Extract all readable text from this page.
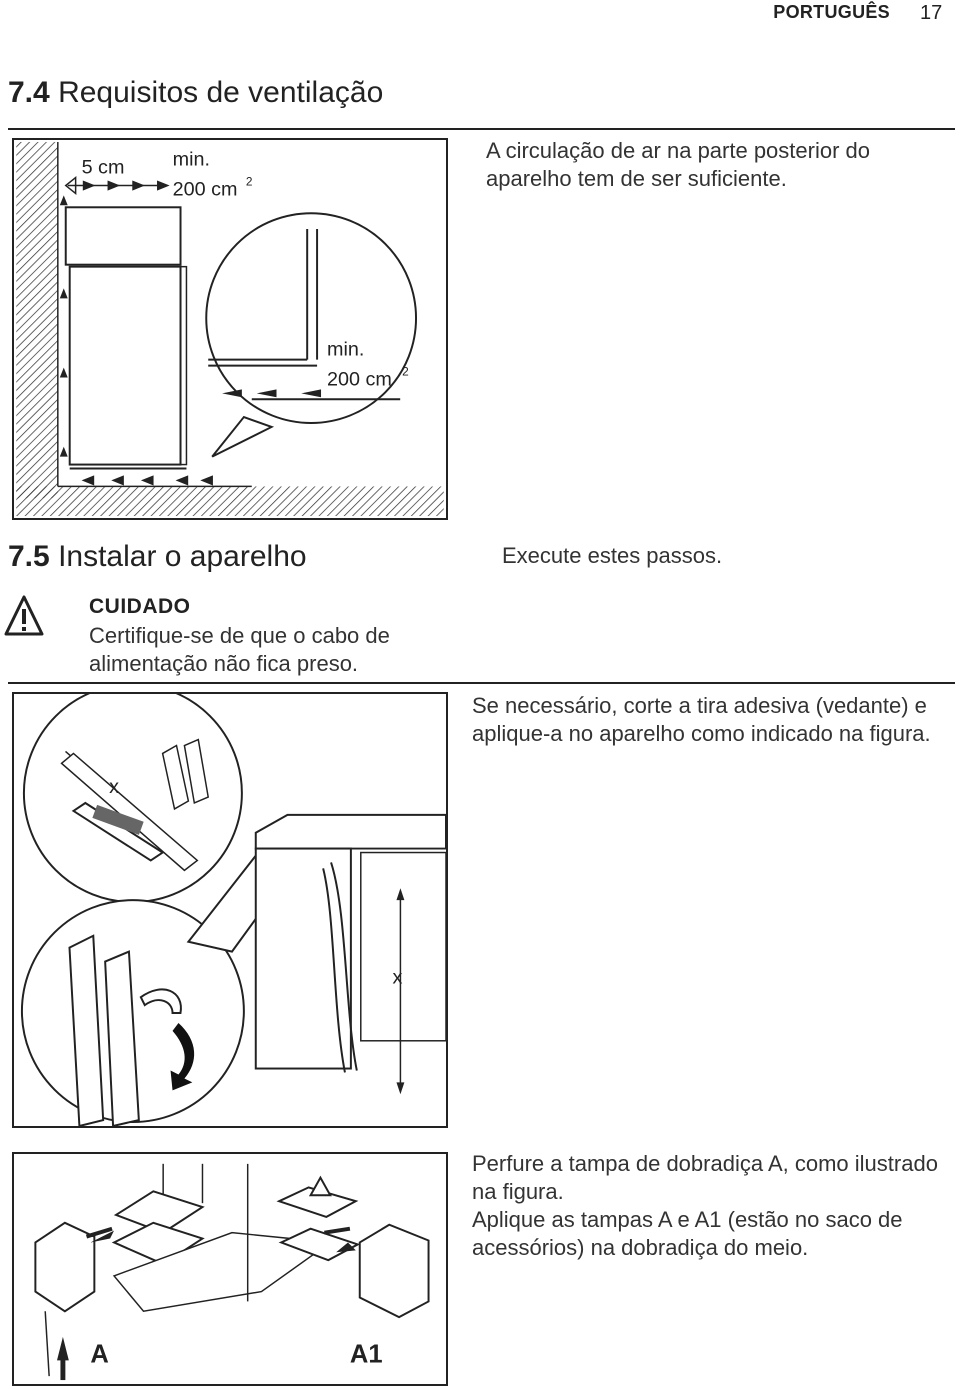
PORTUGUÊS 17
7.4 Requisitos de ventilação
5 cm min.
200 cm 2
min.
200 cm 2
A circulação de ar na parte posterior do aparelho tem de ser suficiente.
7.5 Instalar o aparelho	Execute estes passos.
CUIDADO
Certifique-se de que o cabo de alimentação não fica preso.
x
x
Se necessário, corte a tira adesiva (vedante) e aplique-a no aparelho como indicado na figura.
A	A1
Perfure a tampa de dobradiça A, como ilustrado na figura.
Aplique as tampas A e A1 (estão no saco de acessórios) na dobradiça do meio.
